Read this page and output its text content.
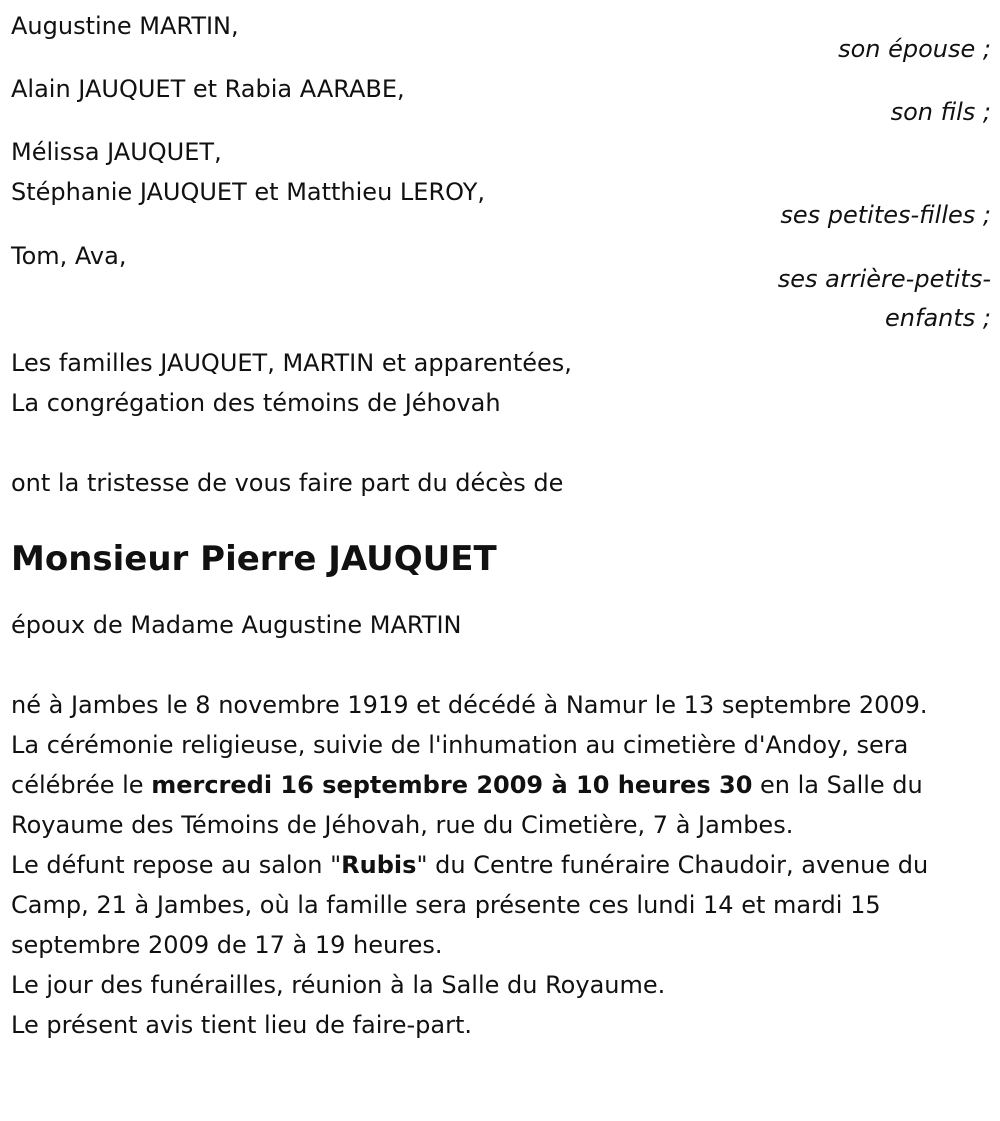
Augustine MARTIN,
son épouse ;
Alain JAUQUET et Rabia AARABE,
son fils ;
Mélissa JAUQUET,
Stéphanie JAUQUET et Matthieu LEROY,
ses petites-filles ;
Tom, Ava,
ses arrière-petits-
enfants ;
Les familles JAUQUET, MARTIN et apparentées,
La congrégation des témoins de Jéhovah
ont la tristesse de vous faire part du décès de
Monsieur Pierre JAUQUET
époux de Madame Augustine MARTIN

né à Jambes le 8 novembre 1919 et décédé à Namur le 13 septembre 2009.

La cérémonie religieuse, suivie de l'inhumation au cimetière d'Andoy, sera célébrée le mercredi 16 septembre 2009 à 10 heures 30 en la Salle du Royaume des Témoins de Jéhovah, rue du Cimetière, 7 à Jambes.

Le défunt repose au salon "Rubis" du Centre funéraire Chaudoir, avenue du Camp, 21 à Jambes, où la famille sera présente ces lundi 14 et mardi 15 septembre 2009 de 17 à 19 heures.

Le jour des funérailles, réunion à la Salle du Royaume.
Le présent avis tient lieu de faire-part.
